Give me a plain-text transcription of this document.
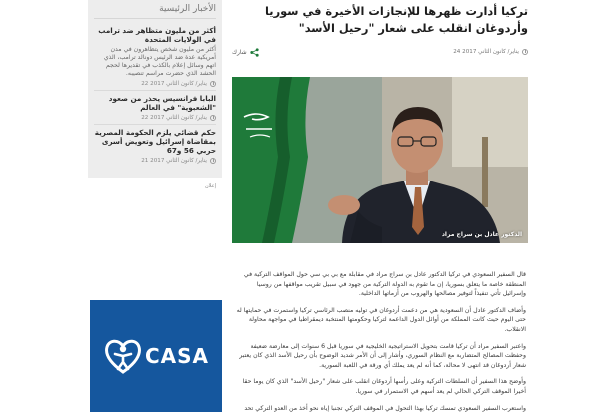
الأخبار الرئيسية
أكثر من مليون متظاهر ضد ترامب في الولايات المتحدة
أكثر من مليون شخص يتظاهرون في مدن أمريكية عدة ضد الرئيس دونالد ترامب، الذي اتهم وسائل إعلام بالكذب في تقديرها لحجم الحشد الذي حضرت مراسم تنصيبه.
22 يناير/ كانون الثاني 2017
البابا فرانسيس يحذر من صعود "الشعبوية" في العالم
22 يناير/ كانون الثاني 2017
حكم قضائي يلزم الحكومة المصرية بمقاضاة إسرائيل وتعويض أسرى حربي 56 و67
21 يناير/ كانون الثاني 2017
إعلان
CASA
تركيا أدارت ظهرها للإنجازات الأخيرة في سوريا وأردوغان انقلب على شعار "رحيل الأسد"
24 يناير/ كانون الثاني 2017
شارك
الدكتور عادل بن سراج مراد

قال السفير السعودي في تركيا الدكتور عادل بن سراج مراد في مقابلة مع بي بي سي حول المواقف التركية في المنطقة خاصة ما يتعلق بسوريا، إن ما تقوم به الدولة التركية من جهود في سبيل تقريب مواقفها من روسيا وإسرائيل تأتي تنفيذاً لتوفير مصالحها والهروب من أزماتها الداخلية.

وأضاف الدكتور عادل أن السعودية هي من دعمت أردوغان في توليه منصب الرئاسي تركيا واستمرت في حمايتها له حتى اليوم حيث كانت المملكة من أوائل الدول الداعمة لتركيا وحكومتها المنتخبة ديمقراطيا في مواجهة محاولة الانقلاب.

واعتبر السفير مراد أن تركيا قامت بتحويل الاستراتيجية الخليجية في سوريا قبل 6 سنوات إلى معارضة ضعيفة وحفظت المصالح المتضاربة مع النظام السوري، وأشار إلى أن الأمر شديد الوضوح بأن رحيل الأسد الذي كان يعتبر شعار أردوغان قد انتهى لا محالة، كما أنه لم يعد يملك أي ورقة في اللعبة السورية.

وأوضح هذا السفير أن السلطات التركية وعلى رأسها أردوغان انقلب على شعار "رحيل الأسد" الذي كان يوما حقا أخيرا الموقف التركي الحالي لم يعد أسهم في الاستمرار في سوريا.

واستعرب السفير السعودي تمسك تركيا بهذا التحول في الموقف التركي تجنبا إياه نحو أخذ من العدو التركي تحد
